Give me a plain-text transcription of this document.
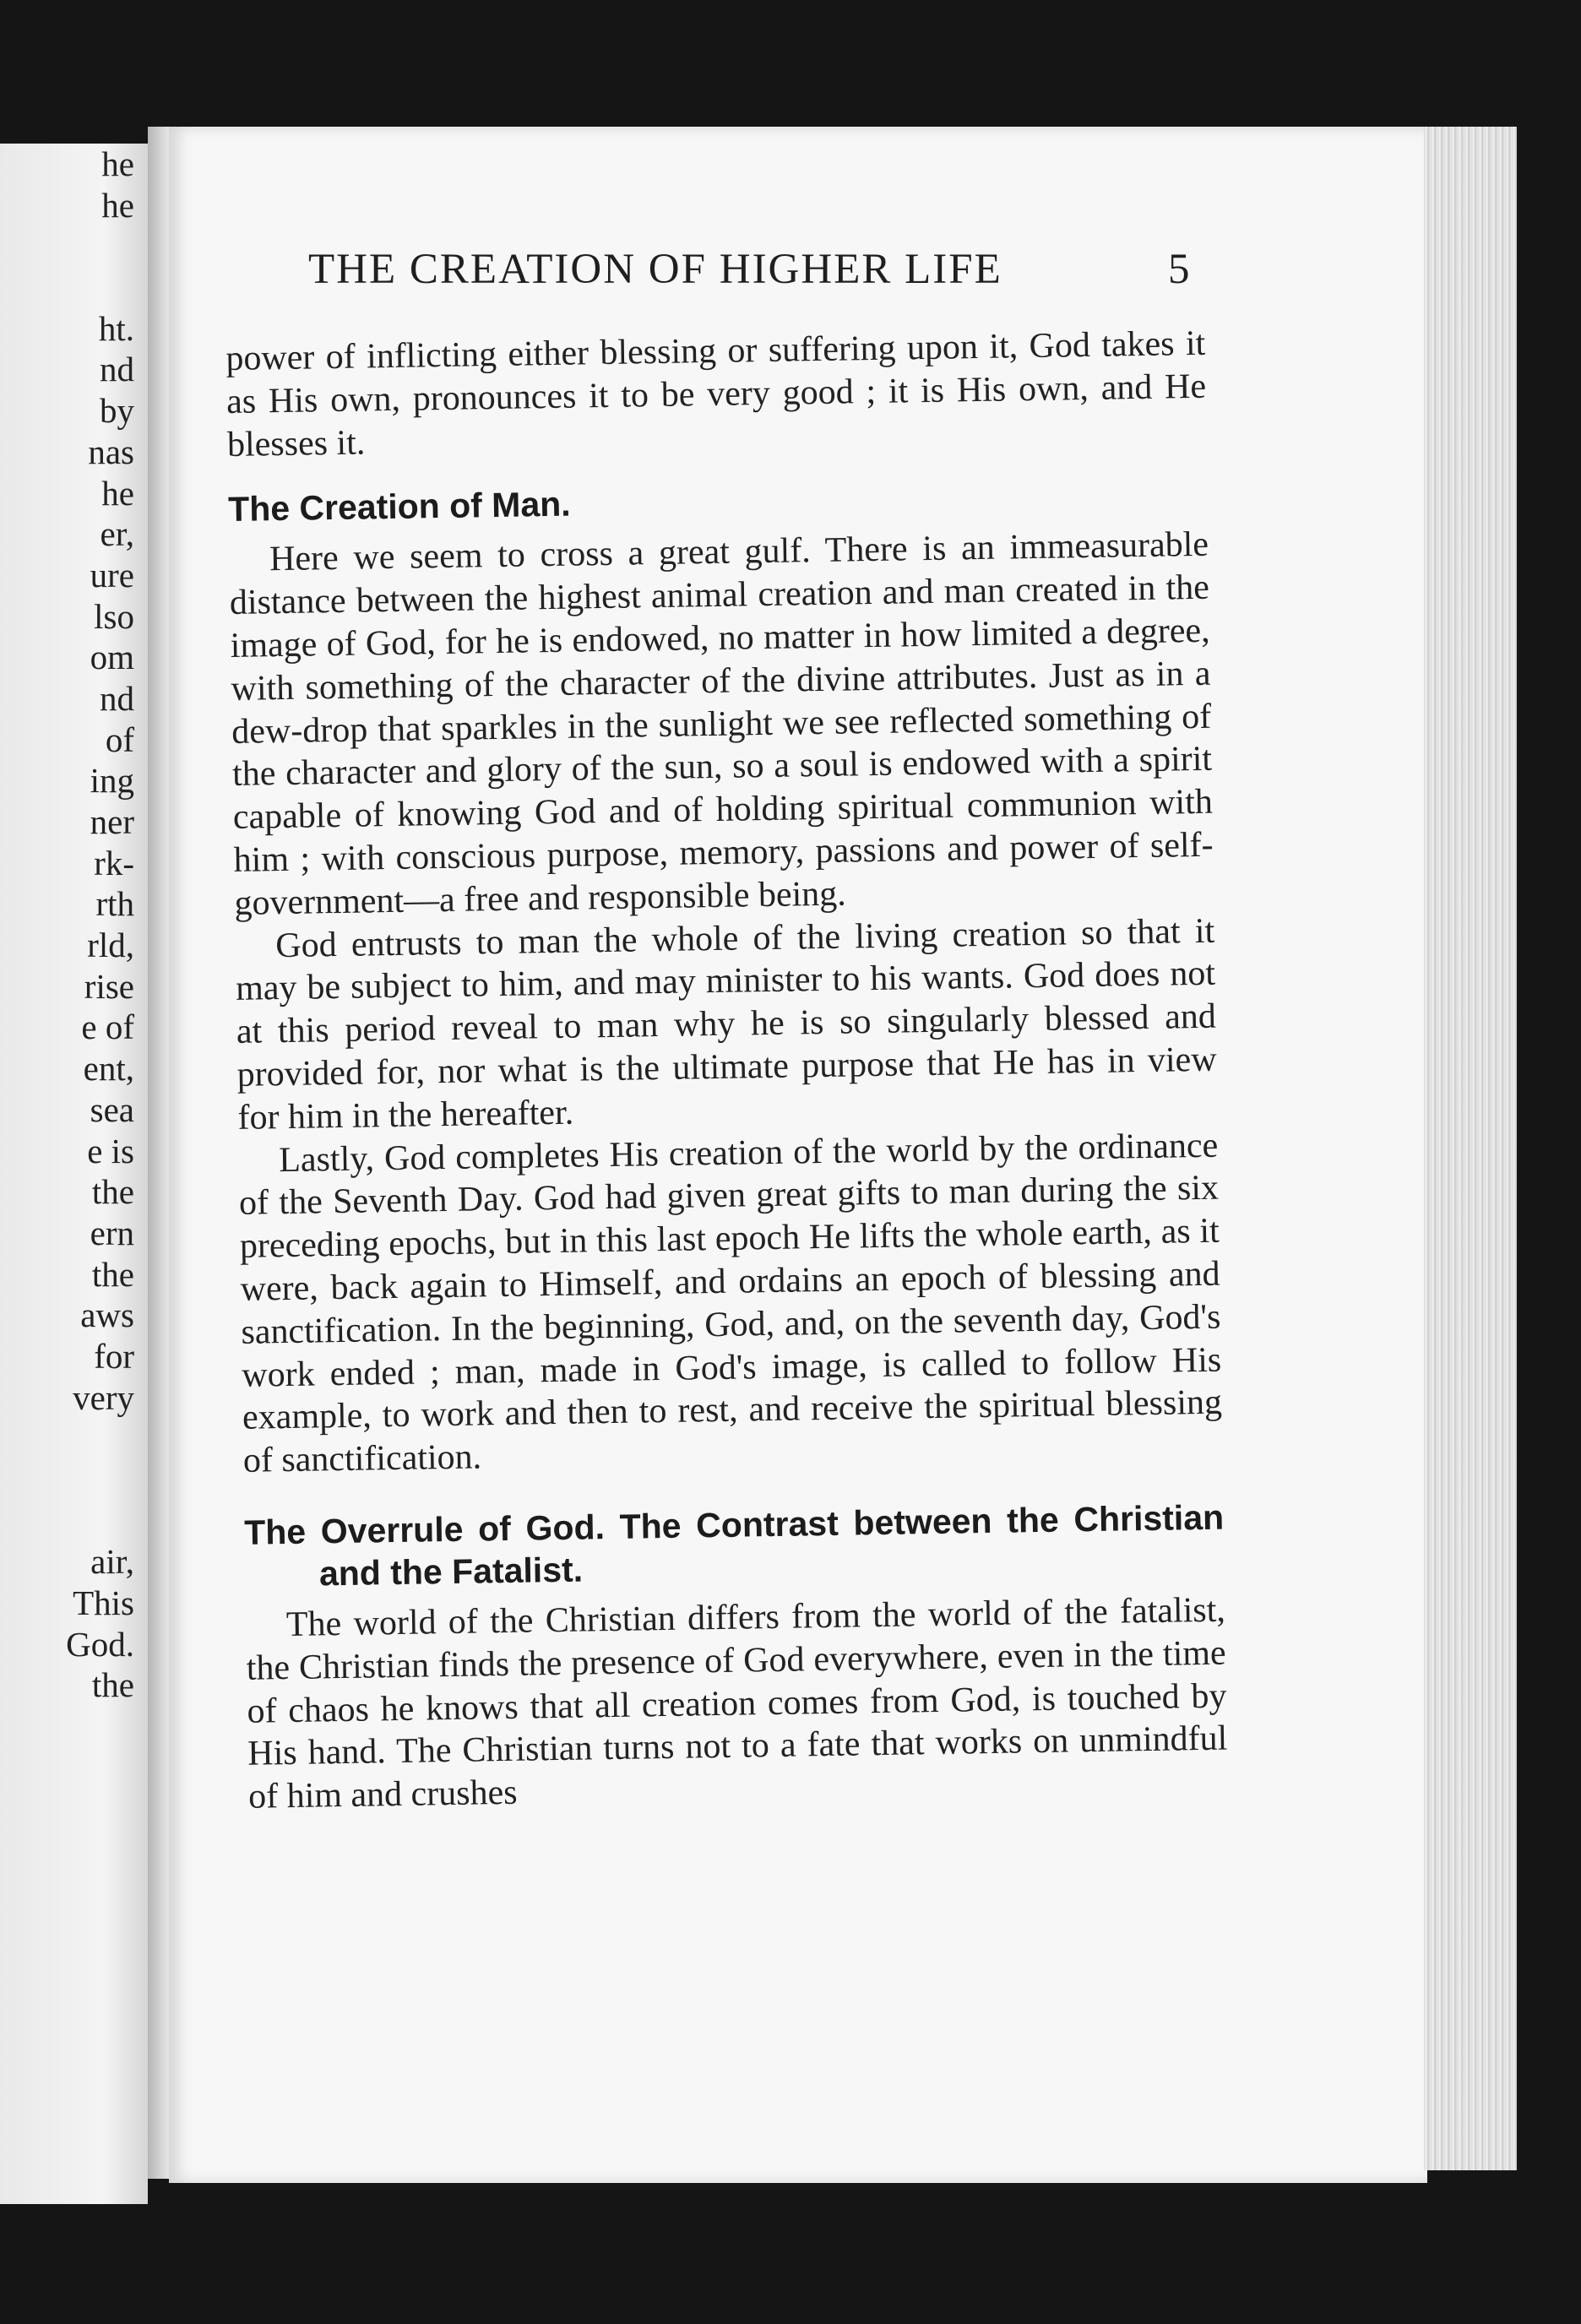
he
he
ht.
nd
by
nas
he
er,
ure
lso
om
nd
of
ing
ner
rk-
rth
rld,
rise
e of
ent,
sea
e is
the
ern
the
aws
for
very
air,
This
God.
the
THE CREATION OF HIGHER LIFE	5

power of inflicting either blessing or suffering upon it, God takes it as His own, pronounces it to be very good ; it is His own, and He blesses it.

The Creation of Man.

Here we seem to cross a great gulf. There is an immeasurable distance between the highest animal creation and man created in the image of God, for he is endowed, no matter in how limited a degree, with something of the character of the divine attributes. Just as in a dew-drop that sparkles in the sunlight we see reflected something of the character and glory of the sun, so a soul is endowed with a spirit capable of knowing God and of holding spiritual communion with him ; with conscious purpose, memory, passions and power of self-government—a free and responsible being.

God entrusts to man the whole of the living creation so that it may be subject to him, and may minister to his wants. God does not at this period reveal to man why he is so singularly blessed and provided for, nor what is the ultimate purpose that He has in view for him in the hereafter.

Lastly, God completes His creation of the world by the ordinance of the Seventh Day. God had given great gifts to man during the six preceding epochs, but in this last epoch He lifts the whole earth, as it were, back again to Himself, and ordains an epoch of blessing and sanctification. In the beginning, God, and, on the seventh day, God's work ended ; man, made in God's image, is called to follow His example, to work and then to rest, and receive the spiritual blessing of sanctification.

The Overrule of God. The Contrast between the Christian and the Fatalist.

The world of the Christian differs from the world of the fatalist, the Christian finds the presence of God everywhere, even in the time of chaos he knows that all creation comes from God, is touched by His hand. The Christian turns not to a fate that works on unmindful of him and crushes
